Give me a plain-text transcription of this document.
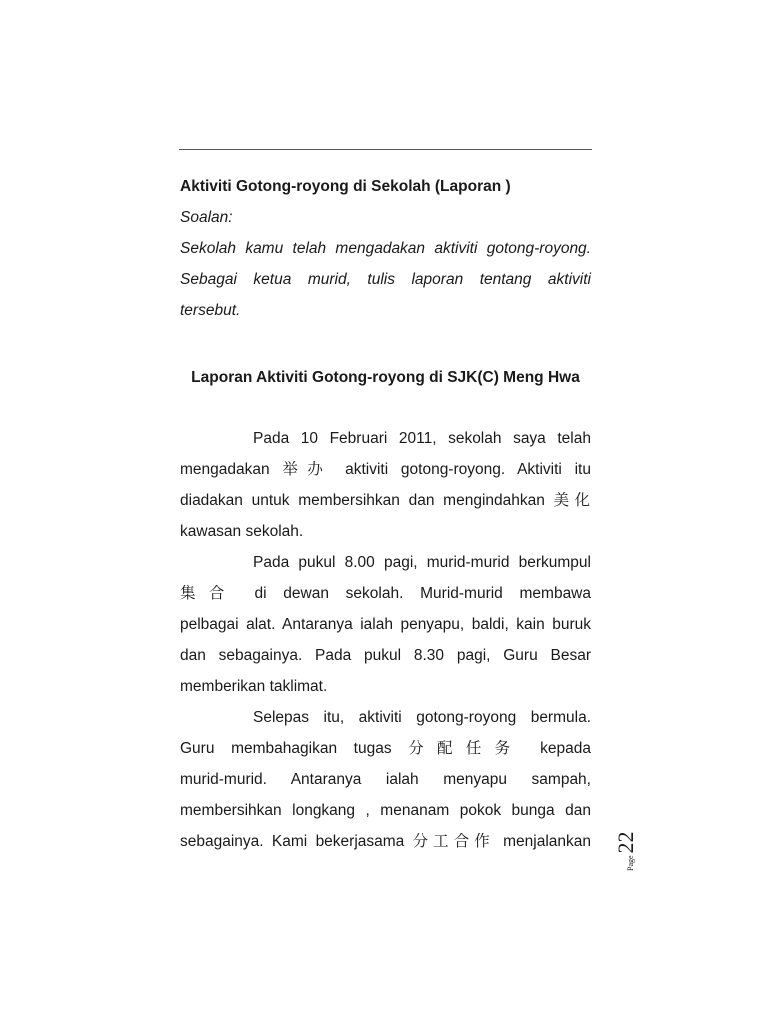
Aktiviti Gotong-royong di Sekolah (Laporan )
Soalan:
Sekolah kamu telah mengadakan aktiviti gotong-royong.
Sebagai ketua murid, tulis laporan tentang aktiviti
tersebut.
Laporan Aktiviti Gotong-royong di SJK(C) Meng Hwa
Pada 10 Februari 2011, sekolah saya telah
mengadakan 举办 aktiviti gotong-royong. Aktiviti itu
diadakan untuk membersihkan dan mengindahkan 美化
kawasan sekolah.
Pada pukul 8.00 pagi, murid-murid berkumpul
集合 di dewan sekolah. Murid-murid membawa
pelbagai alat. Antaranya ialah penyapu, baldi, kain buruk
dan sebagainya. Pada pukul 8.30 pagi, Guru Besar
memberikan taklimat.
Selepas itu, aktiviti gotong-royong bermula.
Guru membahagikan tugas 分配任务 kepada
murid-murid. Antaranya ialah menyapu sampah,
membersihkan longkang , menanam pokok bunga dan
sebagainya. Kami bekerjasama 分工合作 menjalankan
Page
22
